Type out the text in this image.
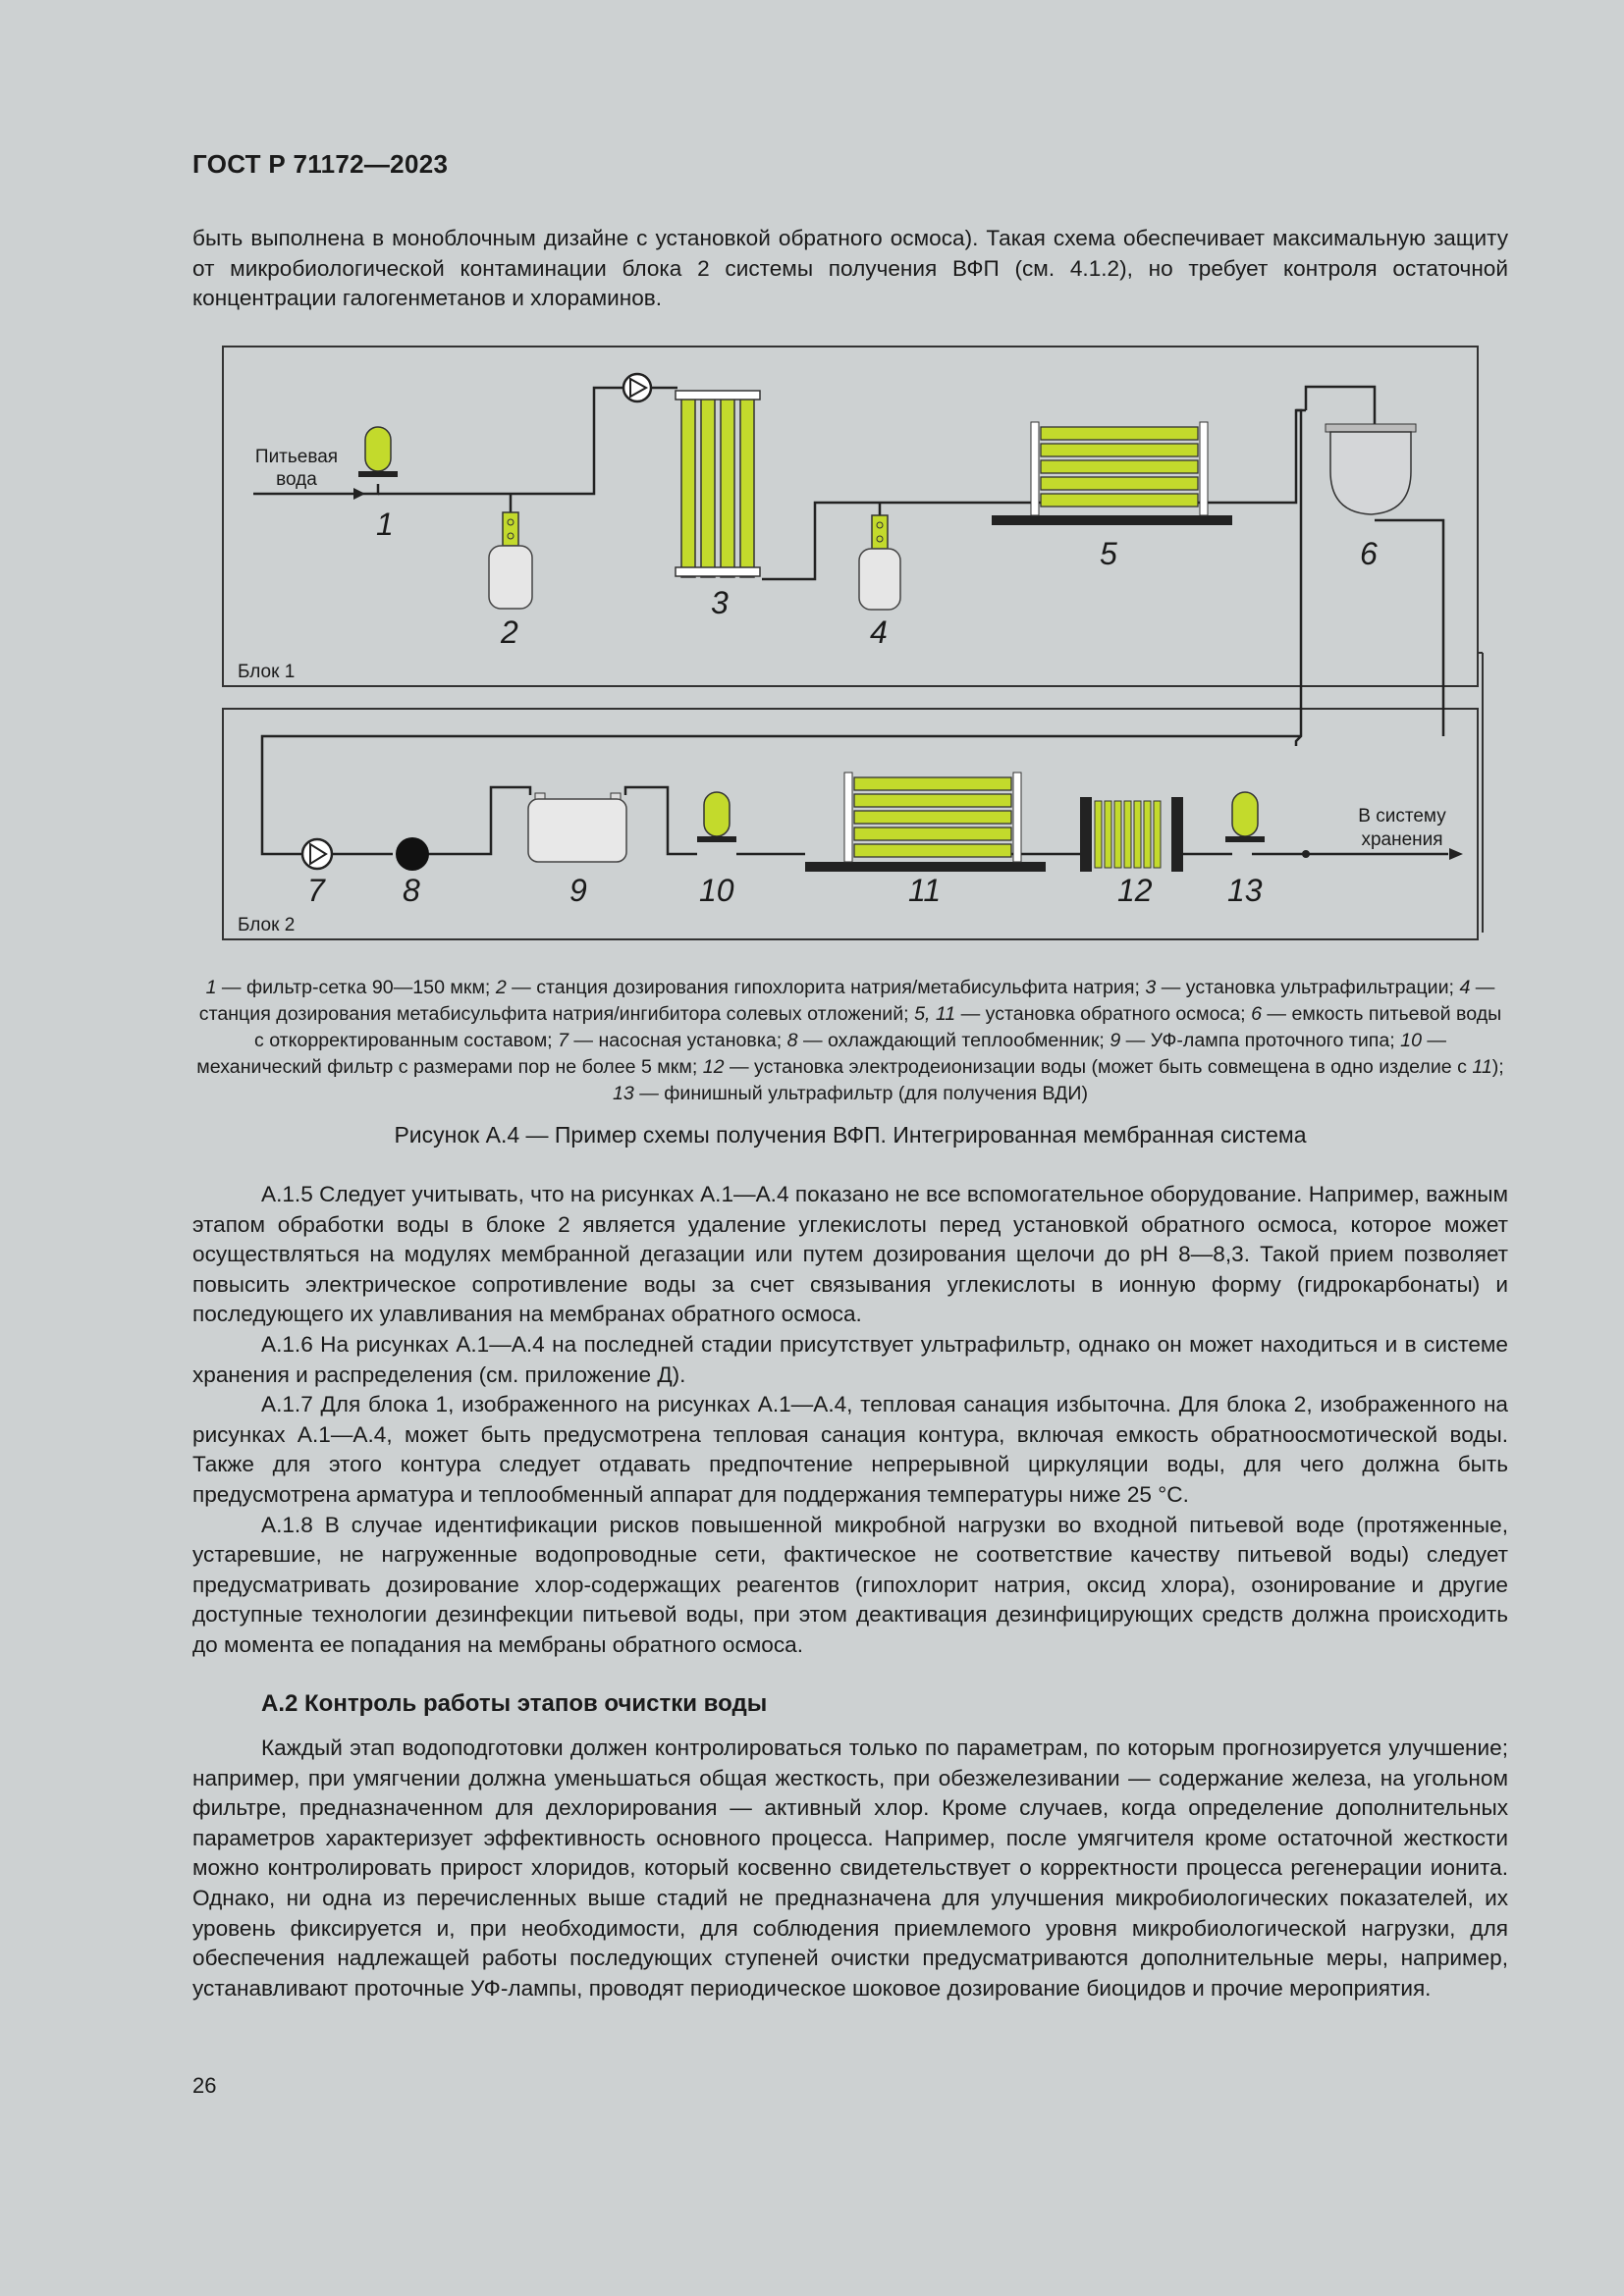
ГОСТ Р 71172—2023

быть выполнена в моноблочным дизайне с установкой обратного осмоса). Такая схема обеспечивает максимальную защиту от микробиологической контаминации блока 2 системы получения ВФП (см. 4.1.2), но требует контроля остаточной концентрации галогенметанов и хлораминов.

Питьевая
вода
1
2
3
4
5	6
Блок 1
7 8	9	10	11	12 13
В систему
хранения
Блок 2
1 — фильтр-сетка 90—150 мкм; 2 — станция дозирования гипохлорита натрия/метабисульфита натрия; 3 — установка ультрафильтрации; 4 — станция дозирования метабисульфита натрия/ингибитора солевых отложений; 5, 11 — установка обратного осмоса; 6 — емкость питьевой воды с откорректированным составом; 7 — насосная установка; 8 — охлаждающий теплообменник; 9 — УФ-лампа проточного типа; 10 — механический фильтр с размерами пор не более 5 мкм; 12 — установка электродеионизации воды (может быть совмещена в одно изделие с 11); 13 — финишный ультрафильтр (для получения ВДИ)
Рисунок А.4 — Пример схемы получения ВФП. Интегрированная мембранная система

А.1.5 Следует учитывать, что на рисунках А.1—А.4 показано не все вспомогательное оборудование. Например, важным этапом обработки воды в блоке 2 является удаление углекислоты перед установкой обратного осмоса, которое может осуществляться на модулях мембранной дегазации или путем дозирования щелочи до pH 8—8,3. Такой прием позволяет повысить электрическое сопротивление воды за счет связывания углекислоты в ионную форму (гидрокарбонаты) и последующего их улавливания на мембранах обратного осмоса.

А.1.6 На рисунках А.1—А.4 на последней стадии присутствует ультрафильтр, однако он может находиться и в системе хранения и распределения (см. приложение Д).

А.1.7 Для блока 1, изображенного на рисунках А.1—А.4, тепловая санация избыточна. Для блока 2, изображенного на рисунках А.1—А.4, может быть предусмотрена тепловая санация контура, включая емкость обратноосмотической воды. Также для этого контура следует отдавать предпочтение непрерывной циркуляции воды, для чего должна быть предусмотрена арматура и теплообменный аппарат для поддержания температуры ниже 25 °C.

А.1.8 В случае идентификации рисков повышенной микробной нагрузки во входной питьевой воде (протяженные, устаревшие, не нагруженные водопроводные сети, фактическое не соответствие качеству питьевой воды) следует предусматривать дозирование хлор-содержащих реагентов (гипохлорит натрия, оксид хлора), озонирование и другие доступные технологии дезинфекции питьевой воды, при этом деактивация дезинфицирующих средств должна происходить до момента ее попадания на мембраны обратного осмоса.

А.2 Контроль работы этапов очистки воды

Каждый этап водоподготовки должен контролироваться только по параметрам, по которым прогнозируется улучшение; например, при умягчении должна уменьшаться общая жесткость, при обезжелезивании — содержание железа, на угольном фильтре, предназначенном для дехлорирования — активный хлор. Кроме случаев, когда определение дополнительных параметров характеризует эффективность основного процесса. Например, после умягчителя кроме остаточной жесткости можно контролировать прирост хлоридов, который косвенно свидетельствует о корректности процесса регенерации ионита. Однако, ни одна из перечисленных выше стадий не предназначена для улучшения микробиологических показателей, их уровень фиксируется и, при необходимости, для соблюдения приемлемого уровня микробиологической нагрузки, для обеспечения надлежащей работы последующих ступеней очистки предусматриваются дополнительные меры, например, устанавливают проточные УФ-лампы, проводят периодическое шоковое дозирование биоцидов и прочие мероприятия.

26
